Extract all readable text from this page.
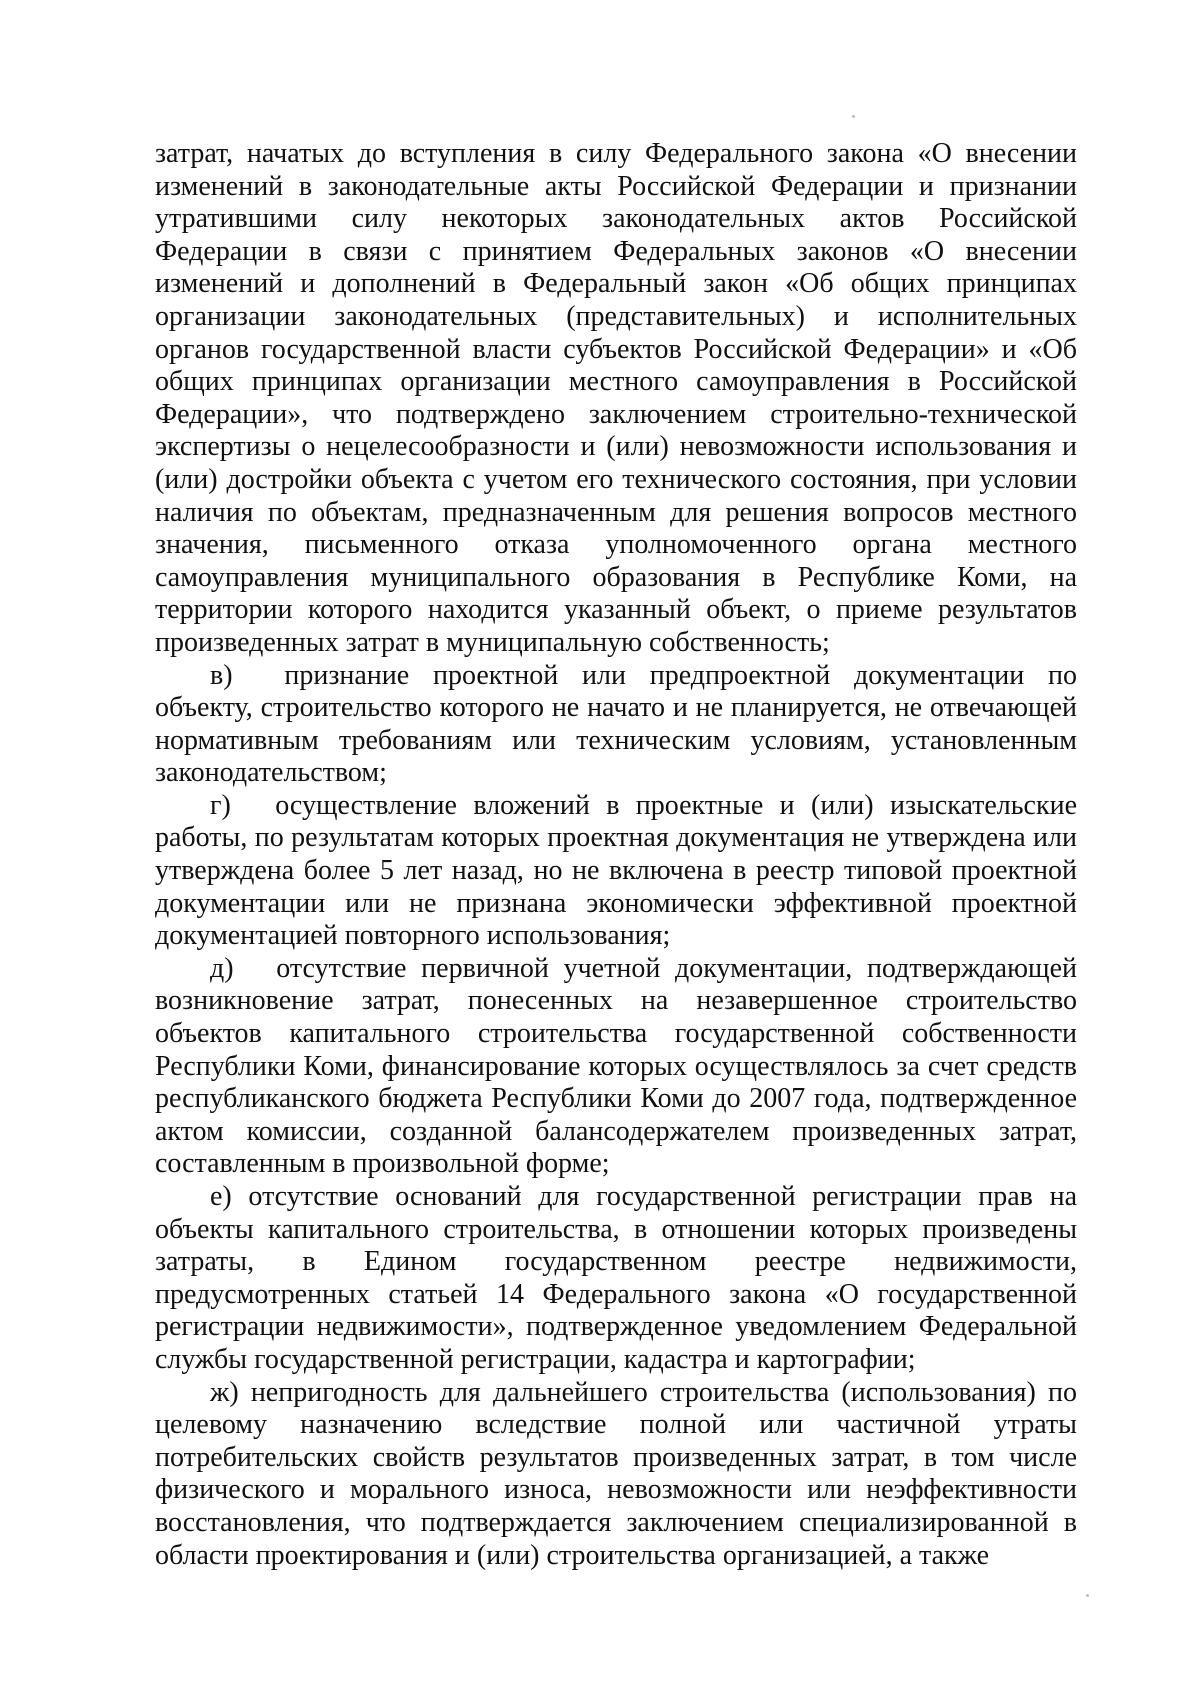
затрат, начатых до вступления в силу Федерального закона «О внесении изменений в законодательные акты Российской Федерации и признании утратившими силу некоторых законодательных актов Российской Федерации в связи с принятием Федеральных законов «О внесении изменений и дополнений в Федеральный закон «Об общих принципах организации законодательных (представительных) и исполнительных органов государственной власти субъектов Российской Федерации» и «Об общих принципах организации местного самоуправления в Российской Федерации», что подтверждено заключением строительно-технической экспертизы о нецелесообразности и (или) невозможности использования и (или) достройки объекта с учетом его технического состояния, при условии наличия по объектам, предназначенным для решения вопросов местного значения, письменного отказа уполномоченного органа местного самоуправления муниципального образования в Республике Коми, на территории которого находится указанный объект, о приеме результатов произведенных затрат в муниципальную собственность;

в)  признание проектной или предпроектной документации по объекту, строительство которого не начато и не планируется, не отвечающей нормативным требованиям или техническим условиям, установленным законодательством;

г)  осуществление вложений в проектные и (или) изыскательские работы, по результатам которых проектная документация не утверждена или утверждена более 5 лет назад, но не включена в реестр типовой проектной документации или не признана экономически эффективной проектной документацией повторного использования;

д)  отсутствие первичной учетной документации, подтверждающей возникновение затрат, понесенных на незавершенное строительство объектов капитального строительства государственной собственности Республики Коми, финансирование которых осуществлялось за счет средств республиканского бюджета Республики Коми до 2007 года, подтвержденное актом комиссии, созданной балансодержателем произведенных затрат, составленным в произвольной форме;

е) отсутствие оснований для государственной регистрации прав на объекты капитального строительства, в отношении которых произведены затраты, в Едином государственном реестре недвижимости, предусмотренных статьей 14 Федерального закона «О государственной регистрации недвижимости», подтвержденное уведомлением Федеральной службы государственной регистрации, кадастра и картографии;

ж) непригодность для дальнейшего строительства (использования) по целевому назначению вследствие полной или частичной утраты потребительских свойств результатов произведенных затрат, в том числе физического и морального износа, невозможности или неэффективности восстановления, что подтверждается заключением специализированной в области проектирования и (или) строительства организацией, а также
